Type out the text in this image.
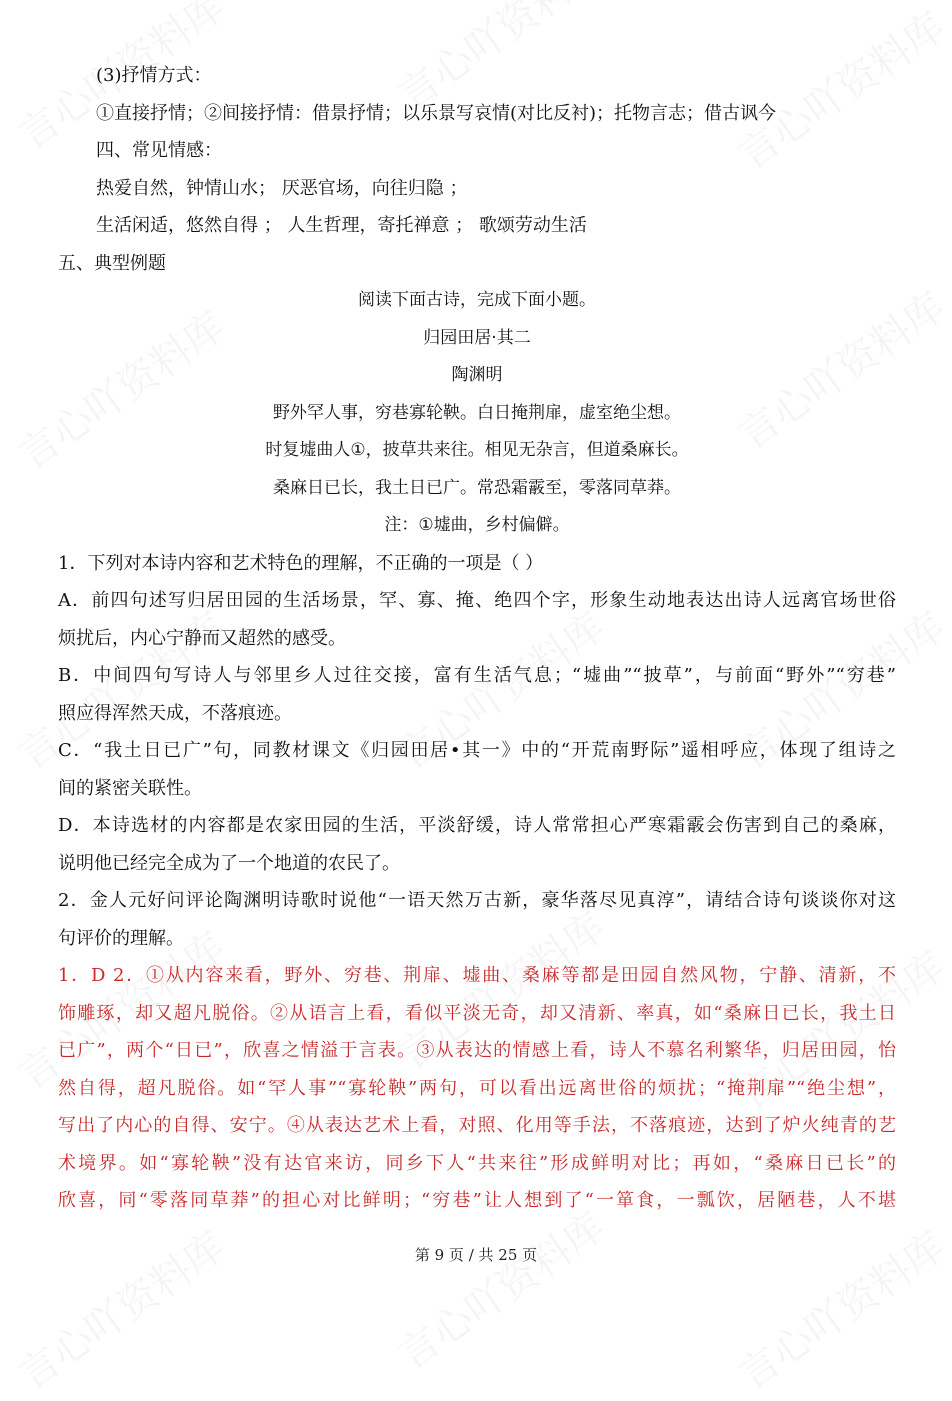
(3)抒情方式：
①直接抒情；②间接抒情：借景抒情；以乐景写哀情(对比反衬)；托物言志；借古讽今
四、常见情感：
热爱自然，钟情山水； 厌恶官场，向往归隐 ；
生活闲适，悠然自得 ； 人生哲理，寄托禅意 ； 歌颂劳动生活
五、典型例题
阅读下面古诗，完成下面小题。
归园田居·其二
陶渊明
野外罕人事，穷巷寡轮鞅。白日掩荆扉，虚室绝尘想。
时复墟曲人①，披草共来往。相见无杂言，但道桑麻长。
桑麻日已长，我土日已广。常恐霜霰至，零落同草莽。
注：①墟曲，乡村偏僻。
1．下列对本诗内容和艺术特色的理解，不正确的一项是（ ）
A．前四句述写归居田园的生活场景，罕、寡、掩、绝四个字，形象生动地表达出诗人远离官场世俗
烦扰后，内心宁静而又超然的感受。
B．中间四句写诗人与邻里乡人过往交接，富有生活气息；“墟曲”“披草”，与前面“野外”“穷巷”
照应得浑然天成，不落痕迹。
C．“我土日已广”句，同教材课文《归园田居•其一》中的“开荒南野际”遥相呼应，体现了组诗之
间的紧密关联性。
D．本诗选材的内容都是农家田园的生活，平淡舒缓，诗人常常担心严寒霜霰会伤害到自己的桑麻，
说明他已经完全成为了一个地道的农民了。
2．金人元好问评论陶渊明诗歌时说他“一语天然万古新，豪华落尽见真淳”，请结合诗句谈谈你对这
句评价的理解。
1．D 2．①从内容来看，野外、穷巷、荆扉、墟曲、桑麻等都是田园自然风物，宁静、清新，不
饰雕琢，却又超凡脱俗。②从语言上看，看似平淡无奇，却又清新、率真，如“桑麻日已长，我土日
已广”，两个“日已”，欣喜之情溢于言表。③从表达的情感上看，诗人不慕名利繁华，归居田园，怡
然自得，超凡脱俗。如“罕人事”“寡轮鞅”两句，可以看出远离世俗的烦扰；“掩荆扉”“绝尘想”，
写出了内心的自得、安宁。④从表达艺术上看，对照、化用等手法，不落痕迹，达到了炉火纯青的艺
术境界。如“寡轮鞅”没有达官来访，同乡下人“共来往”形成鲜明对比；再如，“桑麻日已长”的
欣喜，同“零落同草莽”的担心对比鲜明；“穷巷”让人想到了“一箪食，一瓢饮，居陋巷，人不堪
第 9 页 / 共 25 页
